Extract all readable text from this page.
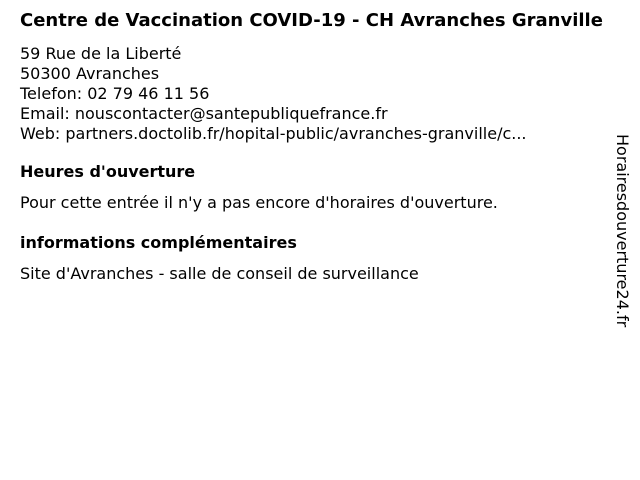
Centre de Vaccination COVID-19 - CH Avranches Granville
59 Rue de la Liberté
50300 Avranches
Telefon: 02 79 46 11 56
Email: nouscontacter@santepubliquefrance.fr
Web: partners.doctolib.fr/hopital-public/avranches-granville/c...
Heures d'ouverture
Pour cette entrée il n'y a pas encore d'horaires d'ouverture.
informations complémentaires
Site d'Avranches - salle de conseil de surveillance	Horairesdouverture24.fr
